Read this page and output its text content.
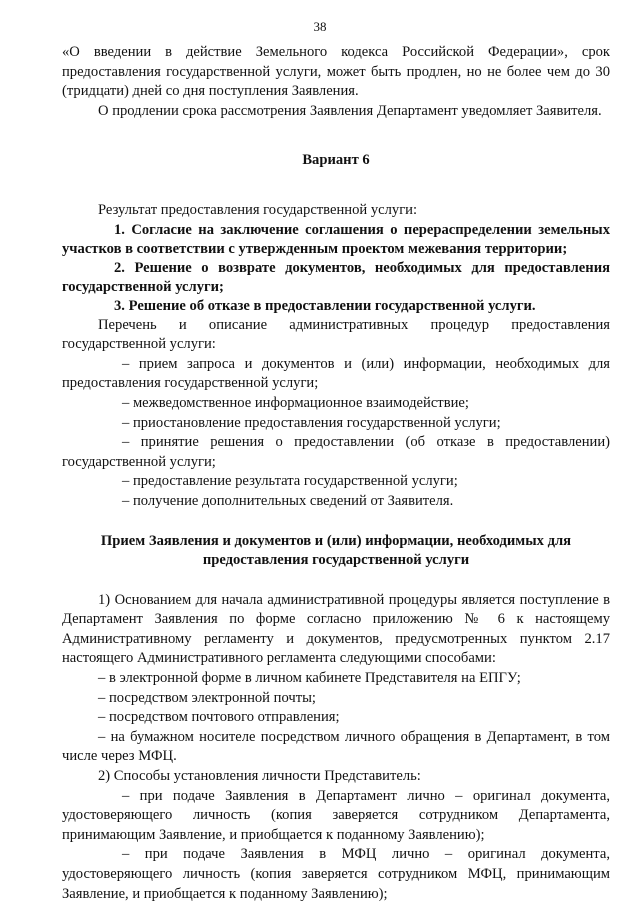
38

«О введении в действие Земельного кодекса Российской Федерации», срок предоставления государственной услуги, может быть продлен, но не более чем до 30 (тридцати) дней со дня поступления Заявления.

О продлении срока рассмотрения Заявления Департамент уведомляет Заявителя.

Вариант 6

Результат предоставления государственной услуги:

1. Согласие на заключение соглашения о перераспределении земельных участков в соответствии с утвержденным проектом межевания территории;

2. Решение о возврате документов, необходимых для предоставления государственной услуги;

3. Решение об отказе в предоставлении государственной услуги.

Перечень и описание административных процедур предоставления государственной услуги:

– прием запроса и документов и (или) информации, необходимых для предоставления государственной услуги;

– межведомственное информационное взаимодействие;

– приостановление предоставления государственной услуги;

– принятие решения о предоставлении (об отказе в предоставлении) государственной услуги;

– предоставление результата государственной услуги;

– получение дополнительных сведений от Заявителя.

Прием Заявления и документов и (или) информации, необходимых для предоставления государственной услуги

1) Основанием для начала административной процедуры является поступление в Департамент Заявления по форме согласно приложению № 6 к настоящему Административному регламенту и документов, предусмотренных пунктом 2.17 настоящего Административного регламента следующими способами:

– в электронной форме в личном кабинете Представителя на ЕПГУ;

– посредством электронной почты;

– посредством почтового отправления;

– на бумажном носителе посредством личного обращения в Департамент, в том числе через МФЦ.

2) Способы установления личности Представитель:

– при подаче Заявления в Департамент лично – оригинал документа, удостоверяющего личность (копия заверяется сотрудником Департамента, принимающим Заявление, и приобщается к поданному Заявлению);

– при подаче Заявления в МФЦ лично – оригинал документа, удостоверяющего личность (копия заверяется сотрудником МФЦ, принимающим Заявление, и приобщается к поданному Заявлению);
